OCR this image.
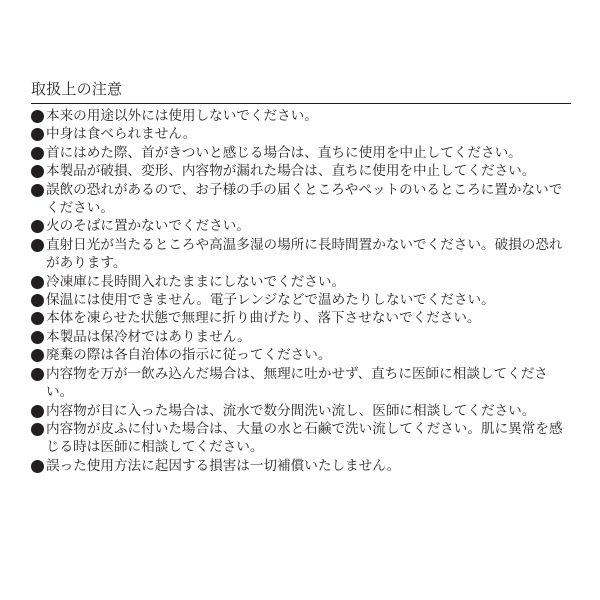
取扱上の注意
本来の用途以外には使用しないでください。
中身は食べられません。
首にはめた際、首がきついと感じる場合は、直ちに使用を中止してください。
本製品が破損、変形、内容物が漏れた場合は、直ちに使用を中止してください。
誤飲の恐れがあるので、お子様の手の届くところやペットのいるところに置かないでください。
火のそばに置かないでください。
直射日光が当たるところや高温多湿の場所に長時間置かないでください。破損の恐れがあります。
冷凍庫に長時間入れたままにしないでください。
保温には使用できません。電子レンジなどで温めたりしないでください。
本体を凍らせた状態で無理に折り曲げたり、落下させないでください。
本製品は保冷材ではありません。
廃棄の際は各自治体の指示に従ってください。
内容物を万が一飲み込んだ場合は、無理に吐かせず、直ちに医師に相談してください。
内容物が目に入った場合は、流水で数分間洗い流し、医師に相談してください。
内容物が皮ふに付いた場合は、大量の水と石鹸で洗い流してください。肌に異常を感じる時は医師に相談してください。
誤った使用方法に起因する損害は一切補償いたしません。
